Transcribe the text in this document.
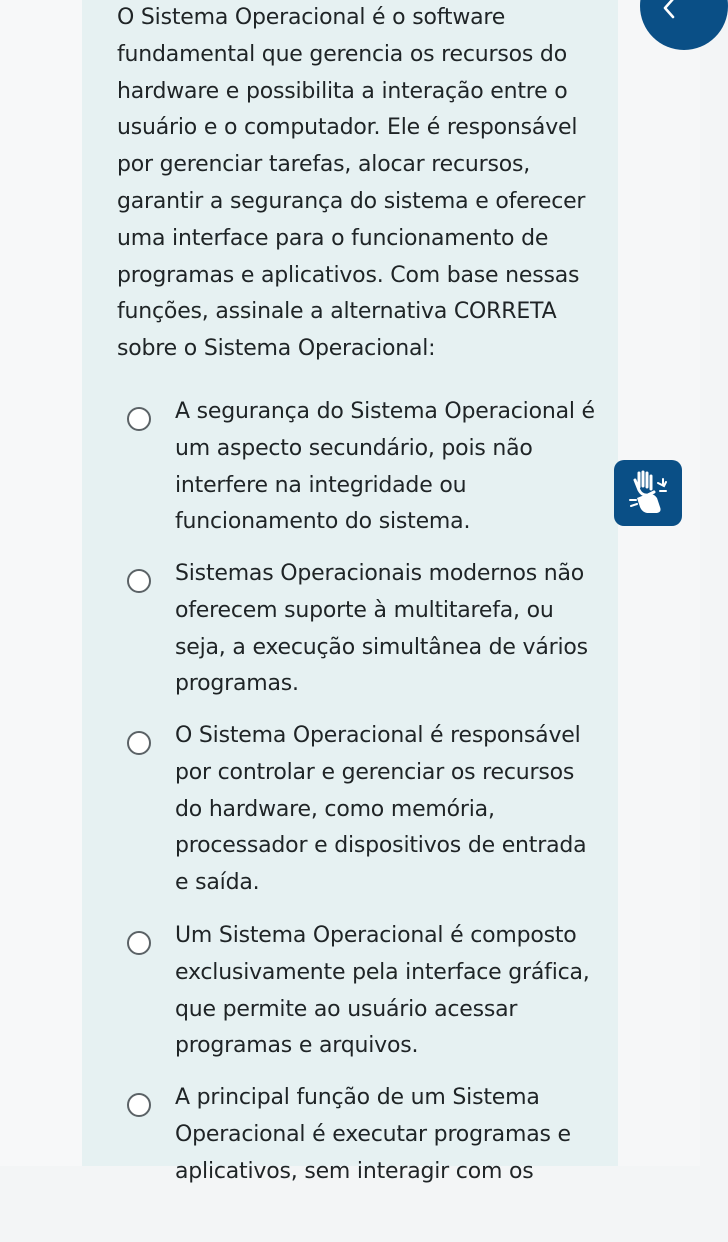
O Sistema Operacional é o software fundamental que gerencia os recursos do hardware e possibilita a interação entre o usuário e o computador. Ele é responsável por gerenciar tarefas, alocar recursos, garantir a segurança do sistema e oferecer uma interface para o funcionamento de programas e aplicativos. Com base nessas funções, assinale a alternativa CORRETA sobre o Sistema Operacional:

A segurança do Sistema Operacional é um aspecto secundário, pois não interfere na integridade ou funcionamento do sistema.
Sistemas Operacionais modernos não oferecem suporte à multitarefa, ou seja, a execução simultânea de vários programas.
O Sistema Operacional é responsável por controlar e gerenciar os recursos do hardware, como memória, processador e dispositivos de entrada e saída.
Um Sistema Operacional é composto exclusivamente pela interface gráfica, que permite ao usuário acessar programas e arquivos.
A principal função de um Sistema Operacional é executar programas e aplicativos, sem interagir com os
